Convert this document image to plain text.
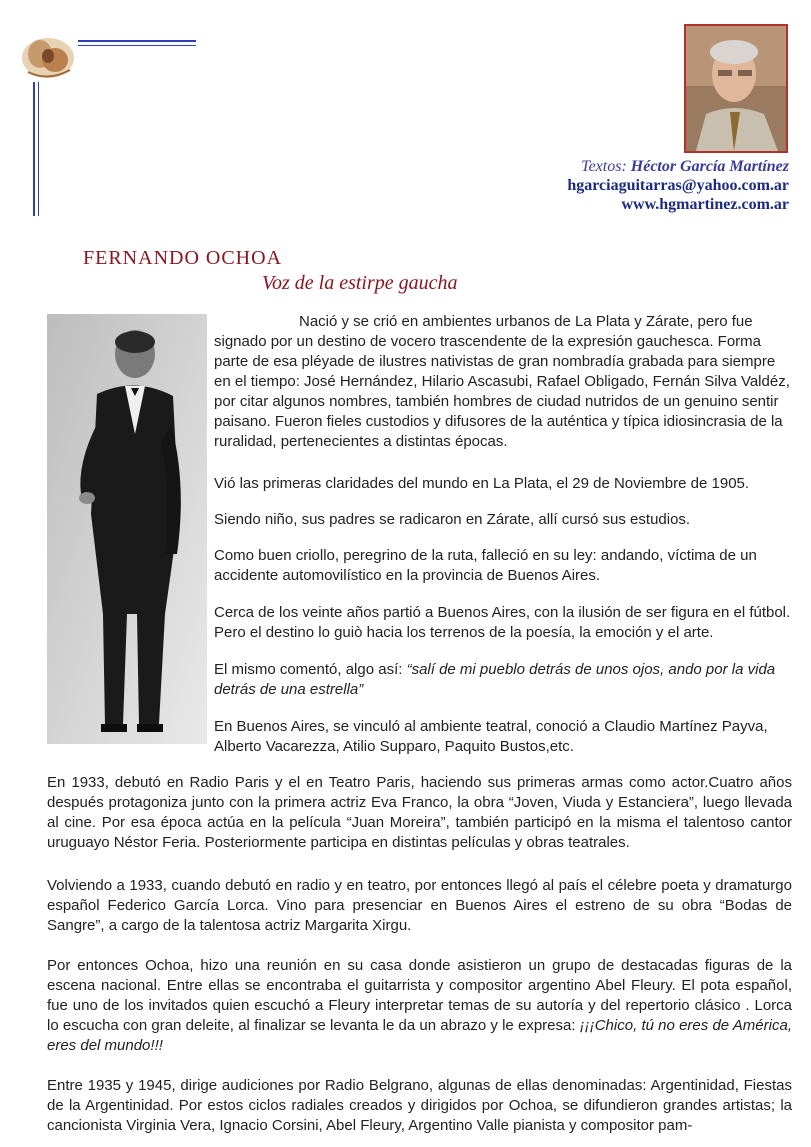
Textos: Héctor García Martínez
hgarciaguitarras@yahoo.com.ar
www.hgmartinez.com.ar
FERNANDO OCHOA
Voz de la estirpe gaucha

Nació y se crió en ambientes urbanos de La Plata y Zárate, pero fue signado por un destino de vocero trascendente de la expresión gauchesca. Forma parte de esa pléyade de ilustres nativistas de gran nombradía grabada para siempre en el tiempo: José Hernández, Hilario Ascasubi, Rafael Obligado, Fernán Silva Valdéz, por citar algunos nombres, también hombres de ciudad nutridos de un genuino sentir paisano. Fueron fieles custodios y difusores de la auténtica y típica idiosincrasia de la ruralidad, pertenecientes a distintas épocas.

Vió las primeras claridades del mundo en La Plata, el 29 de Noviembre de 1905.

Siendo niño, sus padres se radicaron en Zárate, allí cursó sus estudios.

Como buen criollo, peregrino de la ruta, falleció en su ley: andando, víctima de un accidente automovilístico en la provincia de Buenos Aires.

Cerca de los veinte años partió a Buenos Aires, con la ilusión de ser figura en el fútbol. Pero el destino lo guiò hacia los terrenos de la poesía, la emoción y el arte.

El mismo comentó, algo así: “salí de mi pueblo detrás de unos ojos, ando por la vida detrás de una estrella”

En Buenos Aires, se vinculó al ambiente teatral, conoció a Claudio Martínez Payva, Alberto Vacarezza, Atilio Supparo, Paquito Bustos,etc.

En 1933, debutó en Radio Paris y el en Teatro Paris, haciendo sus primeras armas como actor.Cuatro años después protagoniza junto con la primera actriz Eva Franco, la obra “Joven, Viuda y Estanciera”, luego llevada al cine. Por esa época actúa en la película “Juan Moreira”, también participó en la misma el talentoso cantor uruguayo Néstor Feria. Posteriormente participa en distintas películas y obras teatrales.

Volviendo a 1933, cuando debutó en radio y en teatro, por entonces llegó al país el célebre poeta y dramaturgo español Federico García Lorca. Vino para presenciar en Buenos Aires el estreno de su obra “Bodas de Sangre”, a cargo de la talentosa actriz Margarita Xirgu.

Por entonces Ochoa, hizo una reunión en su casa donde asistieron un grupo de destacadas figuras de la escena nacional. Entre ellas se encontraba el guitarrista y compositor argentino Abel Fleury. El pota español, fue uno de los invitados quien escuchó a Fleury interpretar temas de su autoría y del repertorio clásico . Lorca lo escucha con gran deleite, al finalizar se levanta le da un abrazo y le expresa: ¡¡¡Chico, tú no eres de América, eres del mundo!!!

Entre 1935 y 1945, dirige audiciones por Radio Belgrano, algunas de ellas denominadas: Argentinidad, Fiestas de la Argentinidad. Por estos ciclos radiales creados y dirigidos por Ochoa, se difundieron grandes artistas; la cancionista Virginia Vera, Ignacio Corsini, Abel Fleury, Argentino Valle pianista y compositor pam-
